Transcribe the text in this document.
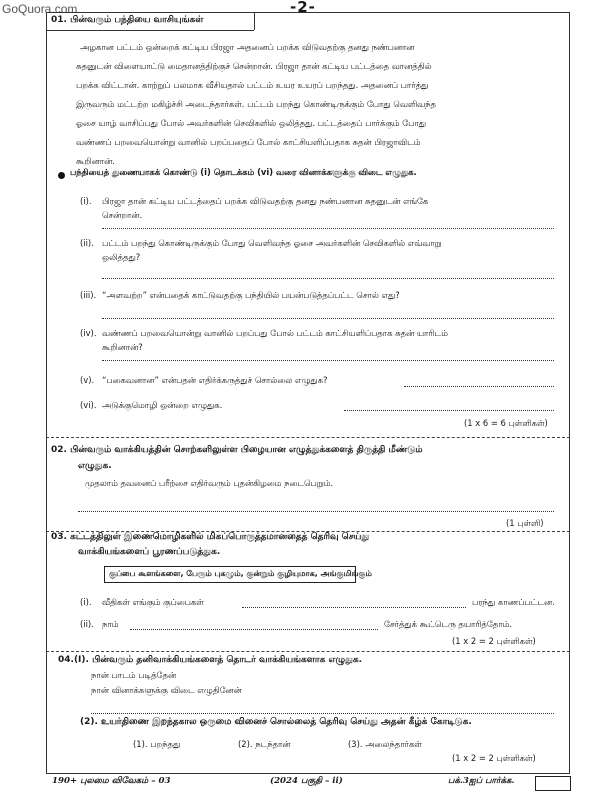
GoQuora.com	-2-
01. பின்வரும் பந்தியை வாசியுங்கள்
அழகான பட்டம் ஒன்றைக் கட்டிய பிரஜா அதனைப் பறக்க விடுவதற்கு தனது நண்பனான
சுதனுடன் விளையாட்டு மைதானத்திற்குச் சென்றான். பிரஜா தான் கட்டிய பட்டத்தை வானத்தில்
பறக்க விட்டான். காற்றுப் பலமாக வீசியதால் பட்டம் உயர உயரப் பறந்தது. அதனைப் பார்த்து
இருவரும் மட்டற்ற மகிழ்ச்சி அடைந்தார்கள். பட்டம் பறந்து கொண்டிருக்கும் போது வெளிவந்த
ஓசை யாழ் வாசிப்பது போல் அவர்களின் செவிகளில் ஒலித்தது. பட்டத்தைப் பார்க்கும் போது
வண்ணப் பறவையொன்று வானில் பறப்பதைப் போல் காட்சியளிப்பதாக சுதன் பிரஜாவிடம்
கூறினான்.
பந்தியைத் துணையாகக் கொண்டு (i) தொடக்கம் (vi) வரை வினாக்களுக்கு விடை எழுதுக.
(i). பிரஜா தான் கட்டிய பட்டத்தைப் பறக்க விடுவதற்கு தனது நண்பனான சுதனுடன் எங்கே
சென்றான்.
(ii). பட்டம் பறந்து கொண்டிருக்கும் போது வெளிவந்த ஓசை அவர்களின் செவிகளில் எவ்வாறு
ஒலித்தது?
(iii). “அளவற்ற” என்பதைக் காட்டுவதற்கு பந்தியில் பயன்படுத்தப்பட்ட சொல் எது?
(iv). வண்ணப் பறவையொன்று வானில் பறப்பது போல் பட்டம் காட்சியளிப்பதாக சுதன் யாரிடம்
கூறினான்?
(v). “பகைவனான” என்பதன் எதிர்க்கருத்துச் சொல்லை எழுதுக?
(vi). அடுக்குமொழி ஒன்றை எழுதுக.
(1 x 6 = 6 புள்ளிகள்)
02. பின்வரும் வாக்கியத்தின் சொற்களிலுள்ள பிழையான எழுத்துக்களைத் திருத்தி மீண்டும்
எழுதுக.
முதலாம் தவனைப் பரீற்சை எதிர்வரும் புதன்கிழமை நடைபெறும்.
(1 புள்ளி)
03. கட்டத்திலுள் இணைமொழிகளில் மிகப்பொருத்தமானதைத் தெரிவு செய்து
வாக்கியங்களைப் பூரணப்படுத்துக.
குப்பை கூளங்களை, பேரும் புகழும், குன்றும் குழியுமாக, அங்குமிங்கும்
(i). வீதிகள் எங்கும் குப்பைகள்	பரந்து காணப்பட்டன.
(ii). நாம்	சேர்த்துக் கூட்டெரு தயாரித்தோம்.
(1 x 2 = 2 புள்ளிகள்)
04.(I). பின்வரும் தனிவாக்கியங்களைத் தொடர் வாக்கியங்களாக எழுதுக.
நான் பாடம் படித்தேன்
நான் வினாக்களுக்கு விடை எழுதினேன்
(2). உயர்திணை இறந்தகால ஒருமை வினைச் சொல்லைத் தெரிவு செய்து அதன் கீழ்க் கோடிடுக.
(1). பறந்தது	(2). நடந்தான்	(3). அலைந்தார்கள்
(1 x 2 = 2 புள்ளிகள்)
190+ புலமை விவேகம் – 03	(2024 பகுதி – ii)	பக்.3ஐப் பார்க்க.
